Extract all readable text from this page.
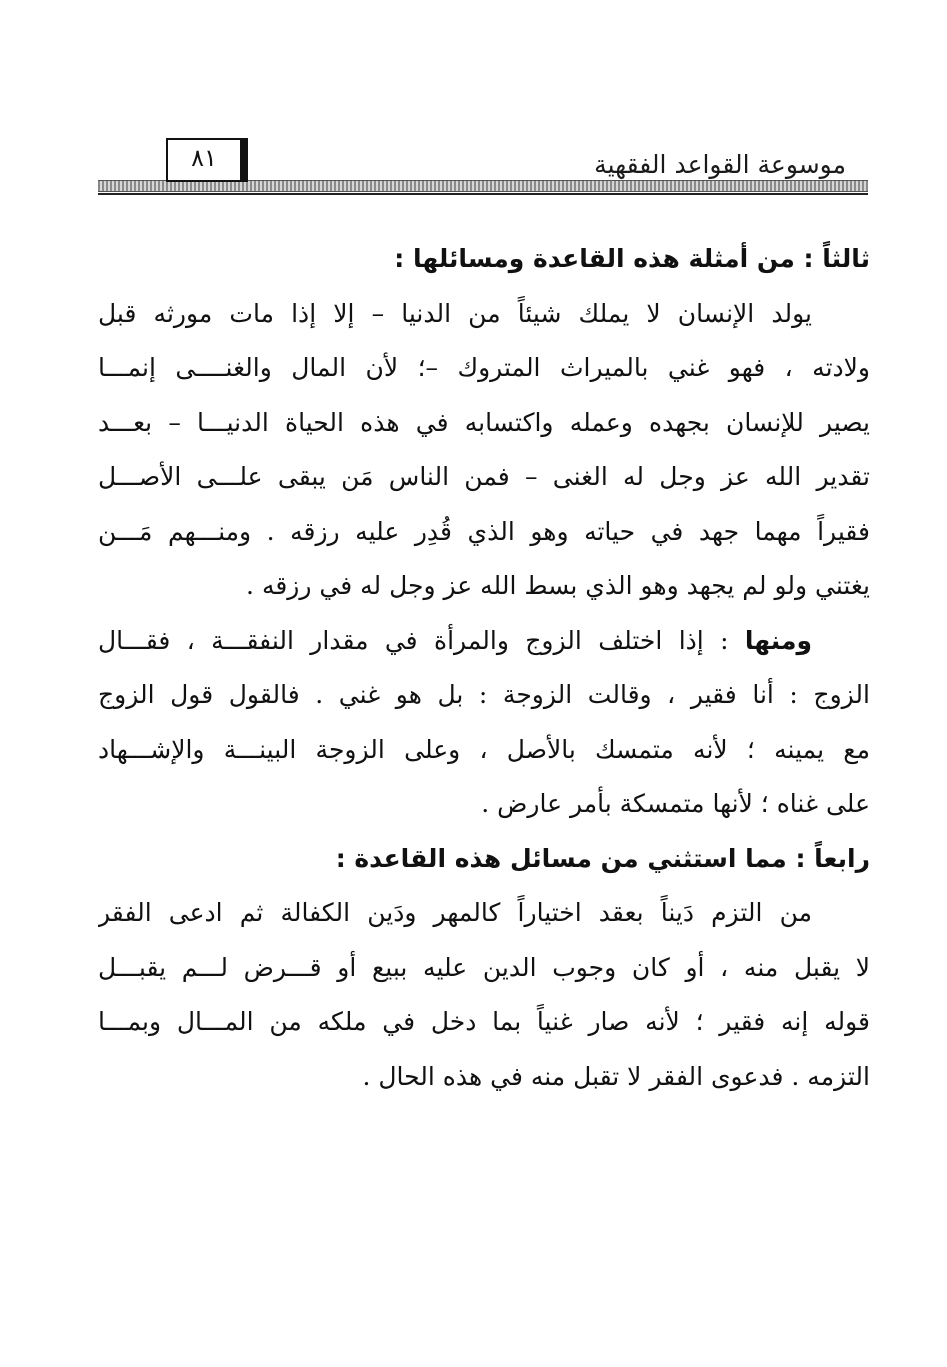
موسوعة القواعد الفقهية
٨١
ثالثاً : من أمثلة هذه القاعدة ومسائلها :
يولد الإنسان لا يملك شيئاً من الدنيا – إلا إذا مات مورثه قبل
ولادته ، فهو غني بالميراث المتروك –؛ لأن المال والغنــــى إنمـــا
يصير للإنسان بجهده وعمله واكتسابه في هذه الحياة الدنيـــا – بعـــد
تقدير الله عز وجل له الغنى – فمن الناس مَن يبقى علـــى الأصـــل
فقيراً مهما جهد في حياته وهو الذي قُدِر عليه رزقه . ومنـــهم مَـــن
يغتني ولو لم يجهد وهو الذي بسط الله عز وجل له في رزقه .
ومنها : إذا اختلف الزوج والمرأة في مقدار النفقـــة ، فقـــال
الزوج : أنا فقير ، وقالت الزوجة : بل هو غني . فالقول قول الزوج
مع يمينه ؛ لأنه متمسك بالأصل ، وعلى الزوجة البينـــة والإشـــهاد
على غناه ؛ لأنها متمسكة بأمر عارض .
رابعاً : مما استثني من مسائل هذه القاعدة :
من التزم دَيناً بعقد اختياراً كالمهر ودَين الكفالة ثم ادعى الفقر
لا يقبل منه ، أو كان وجوب الدين عليه ببيع أو قـــرض لـــم يقبـــل
قوله إنه فقير ؛ لأنه صار غنياً بما دخل في ملكه من المـــال وبمـــا
التزمه . فدعوى الفقر لا تقبل منه في هذه الحال .
